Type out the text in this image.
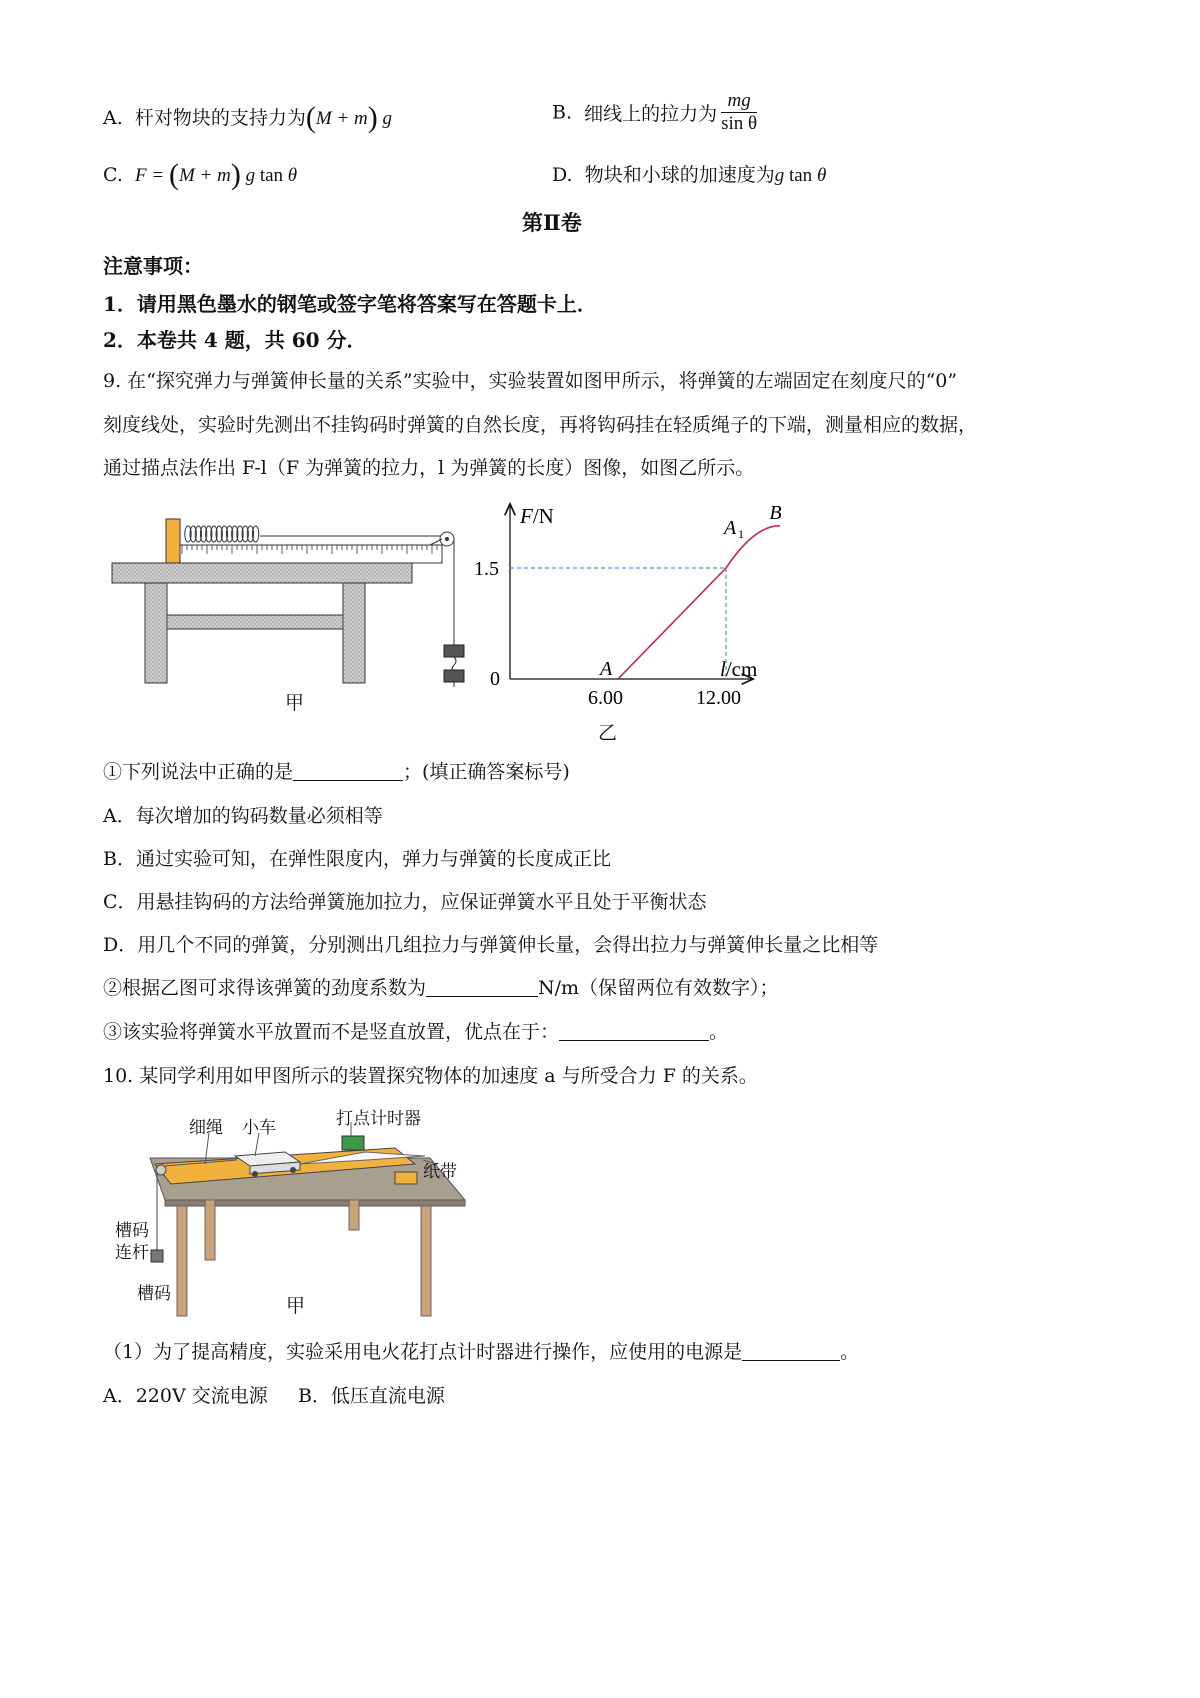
A. 杆对物块的支持力为(M + m) g	B. 细线上的拉力为 $\frac{mg}{\text{sin θ}}$
C. F = (M + m) g tan θ	D. 物块和小球的加速度为g tan θ
第Ⅱ卷
注意事项：
1．请用黑色墨水的钢笔或签字笔将答案写在答题卡上．
2．本卷共 4 题，共 60 分．
9. 在“探究弹力与弹簧伸长量的关系”实验中，实验装置如图甲所示，将弹簧的左端固定在刻度尺的“0”
刻度线处，实验时先测出不挂钩码时弹簧的自然长度，再将钩码挂在轻质绳子的下端，测量相应的数据，
通过描点法作出 F-l（F 为弹簧的拉力，l 为弹簧的长度）图像，如图乙所示。
甲	6.00	12.00
1.5
A
A 1
B
F/N
l/cm
0
乙
①下列说法中正确的是	；(填正确答案标号)
A．每次增加的钩码数量必须相等
B．通过实验可知，在弹性限度内，弹力与弹簧的长度成正比
C．用悬挂钩码的方法给弹簧施加拉力，应保证弹簧水平且处于平衡状态
D．用几个不同的弹簧，分别测出几组拉力与弹簧伸长量，会得出拉力与弹簧伸长量之比相等
②根据乙图可求得该弹簧的劲度系数为	N/m（保留两位有效数字）；
③该实验将弹簧水平放置而不是竖直放置，优点在于：	。
10. 某同学利用如甲图所示的装置探究物体的加速度 a 与所受合力 F 的关系。
细绳 小车	打点计时器
纸带
槽码
连杆
槽码
甲
（1）为了提高精度，实验采用电火花打点计时器进行操作，应使用的电源是	。
A．220V 交流电源     B．低压直流电源
